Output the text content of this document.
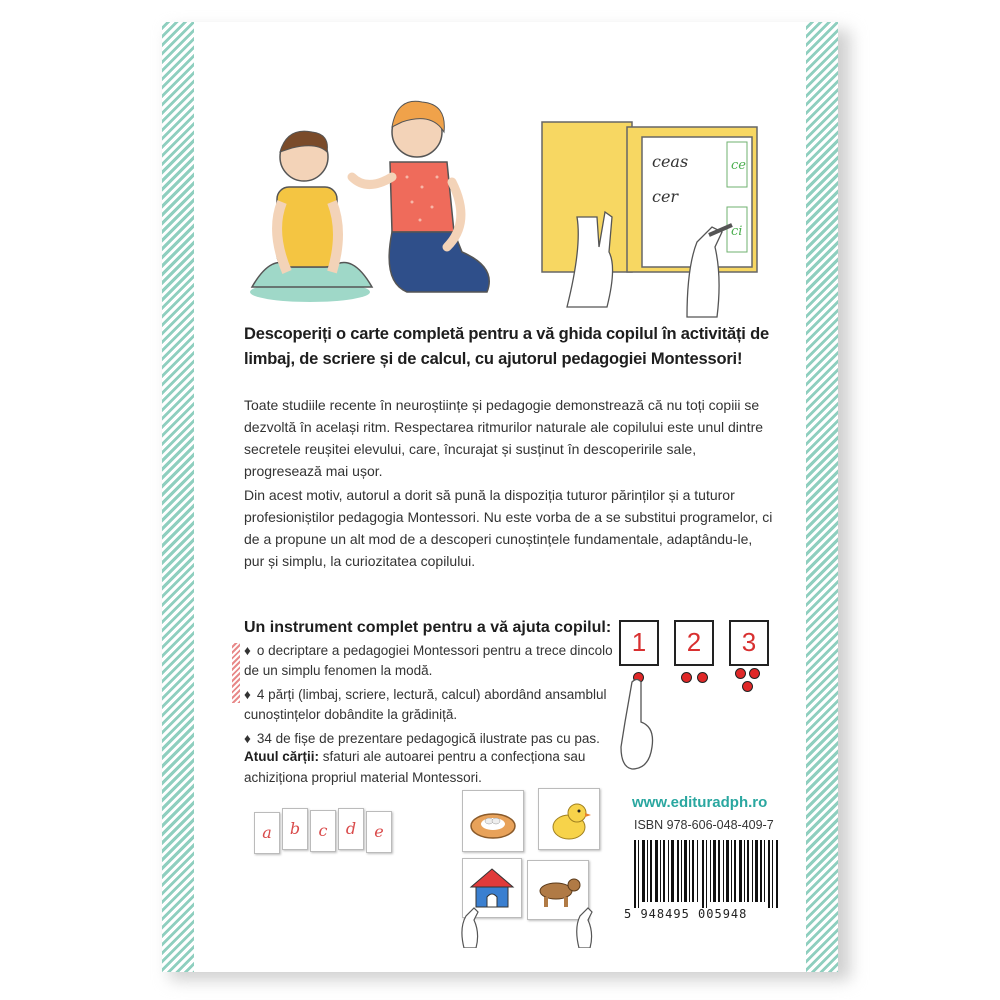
ceas
cer
ce
ci
Descoperiți o carte completă pentru a vă ghida copilul în activități de limbaj, de scriere și de calcul, cu ajutorul pedagogiei Montessori!

Toate studiile recente în neuroștiințe și pedagogie demonstrează că nu toți copiii se dezvoltă în același ritm. Respectarea ritmurilor naturale ale copilului este unul dintre secretele reușitei elevului, care, încurajat și susținut în descoperirile sale, progresează mai ușor.

Din acest motiv, autorul a dorit să pună la dispoziția tuturor părinților și a tuturor profesioniștilor pedagogia Montessori. Nu este vorba de a se substitui programelor, ci de a propune un alt mod de a descoperi cunoștințele fundamentale, adaptându-le, pur și simplu, la curiozitatea copilului.

Un instrument complet pentru a vă ajuta copilul:
♦ o decriptare a pedagogiei Montessori pentru a trece dincolo de un simplu fenomen la modă.
♦ 4 părți (limbaj, scriere, lectură, calcul) abordând ansamblul cunoștințelor dobândite la grădiniță.
♦ 34 de fișe de prezentare pedagogică ilustrate pas cu pas.
Atuul cărții: sfaturi ale autoarei pentru a confecționa sau achiziționa propriul material Montessori.
1	2	3
a	b	c	d	e
www.edituradph.ro
ISBN 978-606-048-409-7
5 948495 005948
